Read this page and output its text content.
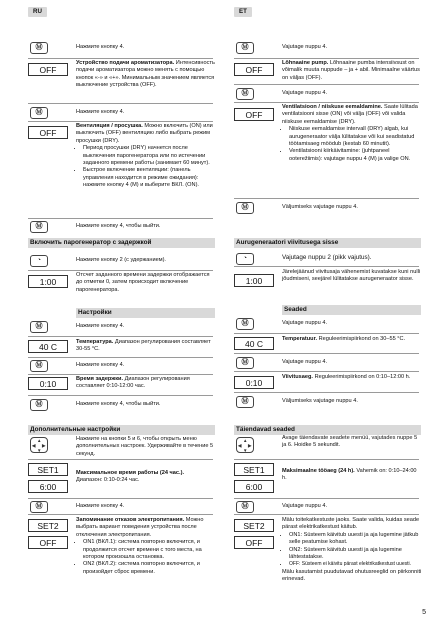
RU	ET
Ⓜ	Нажмите кнопку 4.
OFF
Устройство подачи ароматизатора. Интенсивность подачи ароматизатора можно менять с помощью кнопок «-» и «+». Минимальным значением является выключение устройства (OFF).
Ⓜ	Нажмите кнопку 4.
OFF
Вентиляция / просушка. Можно включить (ON) или выключить (OFF) вентиляцию либо выбрать режим просушки (DRY).
• Период просушки (DRY) начнется после выключения парогенератора или по истечении заданного времени работы (занимает 60 минут).
• Быстрое включение вентиляции: (панель управления находится в режиме ожидания): нажмите кнопку 4 (M) и выберите ВКЛ. (ON).
Ⓜ	Нажмите кнопку 4, чтобы выйти.
Включить парогенератор с задержкой
◔	Нажмите кнопку 2 (с удержанием).
1:00
Отсчет заданного времени задержки отображается до отметки 0, затем происходит включение парогенератора.
Настройки
Ⓜ	Нажмите кнопку 4.
40 C	Температура. Диапазон регулирования составляет 30-55 °C.
Ⓜ	Нажмите кнопку 4.
0:10	Время задержки. Диапазон регулирования составляет 0:10-12:00 час.
Ⓜ	Нажмите кнопку 4, чтобы выйти.
Дополнительные настройки
▲
◀ ▶
▼
Нажмите на кнопки 5 и 6, чтобы открыть меню дополнительных настроек. Удерживайте в течение 5 секунд.
SET1
6:00
Максимальное время работы (24 час.).
Диапазон: 0:10-0:24 час.
Ⓜ	Нажмите кнопку 4.
SET2
OFF
Запоминание отказов электропитания. Можно выбрать вариант поведения устройства после отключения электропитания.
• ON1 (ВКЛ.1): система повторно включится, и продолжится отсчет времени с того места, на котором произошла остановка.
• ON2 (ВКЛ.2): система повторно включится, и произойдет сброс времени.
Ⓜ	Vajutage nuppu 4.
OFF
Lõhnaaine pump. Lõhnaaine pumba intensiivsust on võimalik muuta nuppude – ja + abil. Minimaalne väärtus on väljas (OFF).
Ⓜ	Vajutage nuppu 4.
OFF
Ventilatsioon / niiskuse eemaldamine. Saate lülitada ventilatsiooni sisse (ON) või välja (OFF) või valida niiskuse eemaldamise (DRY).
• Niiskuse eemaldamise intervall (DRY) algab, kui aurugeneraator välja lülitatakse või kui seadistatud töötamisaeg möödub (kestab 60 minutit).
• Ventilatsiooni kiirkäivitamine: (juhtpaneel ooterežiimis): vajutage nuppu 4 (M) ja valige ON.
Ⓜ	Väljumiseks vajutage nuppu 4.
Aurugeneraatori viivitusega sisse
◔	Vajutage nuppu 2 (pikk vajutus).
1:00
Järelejäänud viivitusaja vähenemist kuvatakse kuni nulli jõudmiseni, seejärel lülitatakse aurugeneraator sisse.
Seaded
Ⓜ	Vajutage nuppu 4.
40 C	Temperatuur. Reguleerimispiirkond on 30–55 °C.
Ⓜ	Vajutage nuppu 4.
0:10
Viivitusaeg. Reguleerimispiirkond on 0:10–12:00 h.
Ⓜ	Väljumiseks vajutage nuppu 4.
Täiendavad seaded
▲
◀ ▶
▼
Avage täiendavate seadete menüü, vajutades nuppe 5 ja 6. Hoidke 5 sekundit.
SET1
6:00
Maksimaalne tööaeg (24 h). Vahemik on: 0:10–24:00 h.
Ⓜ	Vajutage nuppu 4.
SET2
OFF
Mälu toitekatkestuste jaoks. Saate valida, kuidas seade pärast elektrikatkestust käitub.
• ON1: Süsteem käivitub uuesti ja aja lugemine jätkub selle peatumise kohast.
• ON2: Süsteem käivitub uuesti ja aja lugemine lähtestatakse.
• OFF: Süsteem ei käivitu pärast elektrikatkestust uuesti.
Mälu kasutamist puudutavad ohutusreeglid on piirkonniti erinevad.
5
